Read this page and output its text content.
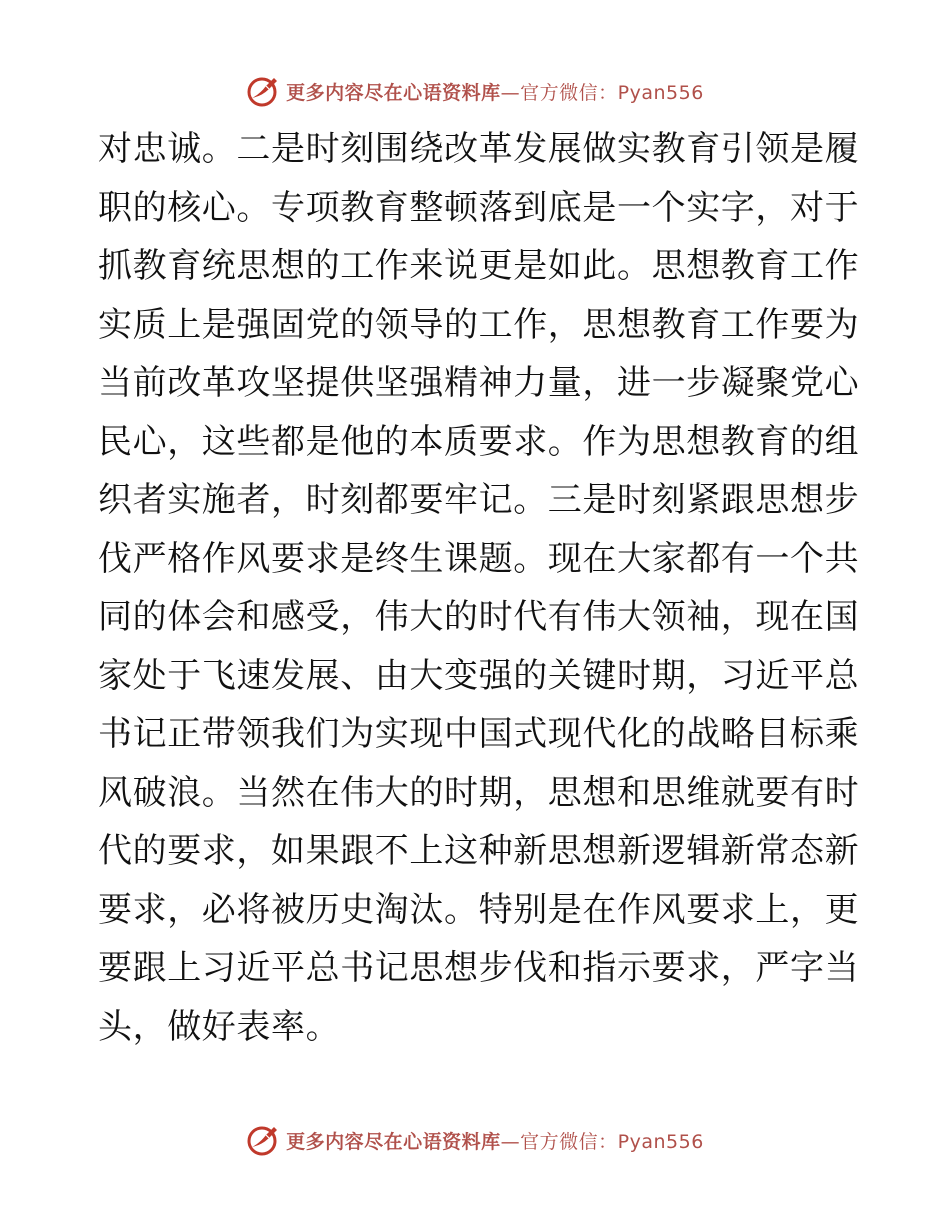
更多内容尽在心语资料库 —官方微信：Pyan556
对忠诚。二是时刻围绕改革发展做实教育引领是履
职的核心。专项教育整顿落到底是一个实字，对于
抓教育统思想的工作来说更是如此。思想教育工作
实质上是强固党的领导的工作，思想教育工作要为
当前改革攻坚提供坚强精神力量，进一步凝聚党心
民心，这些都是他的本质要求。作为思想教育的组
织者实施者，时刻都要牢记。三是时刻紧跟思想步
伐严格作风要求是终生课题。现在大家都有一个共
同的体会和感受，伟大的时代有伟大领袖，现在国
家处于飞速发展、由大变强的关键时期，习近平总
书记正带领我们为实现中国式现代化的战略目标乘
风破浪。当然在伟大的时期，思想和思维就要有时
代的要求，如果跟不上这种新思想新逻辑新常态新
要求，必将被历史淘汰。特别是在作风要求上，更
要跟上习近平总书记思想步伐和指示要求，严字当
头，做好表率。
更多内容尽在心语资料库 —官方微信：Pyan556
